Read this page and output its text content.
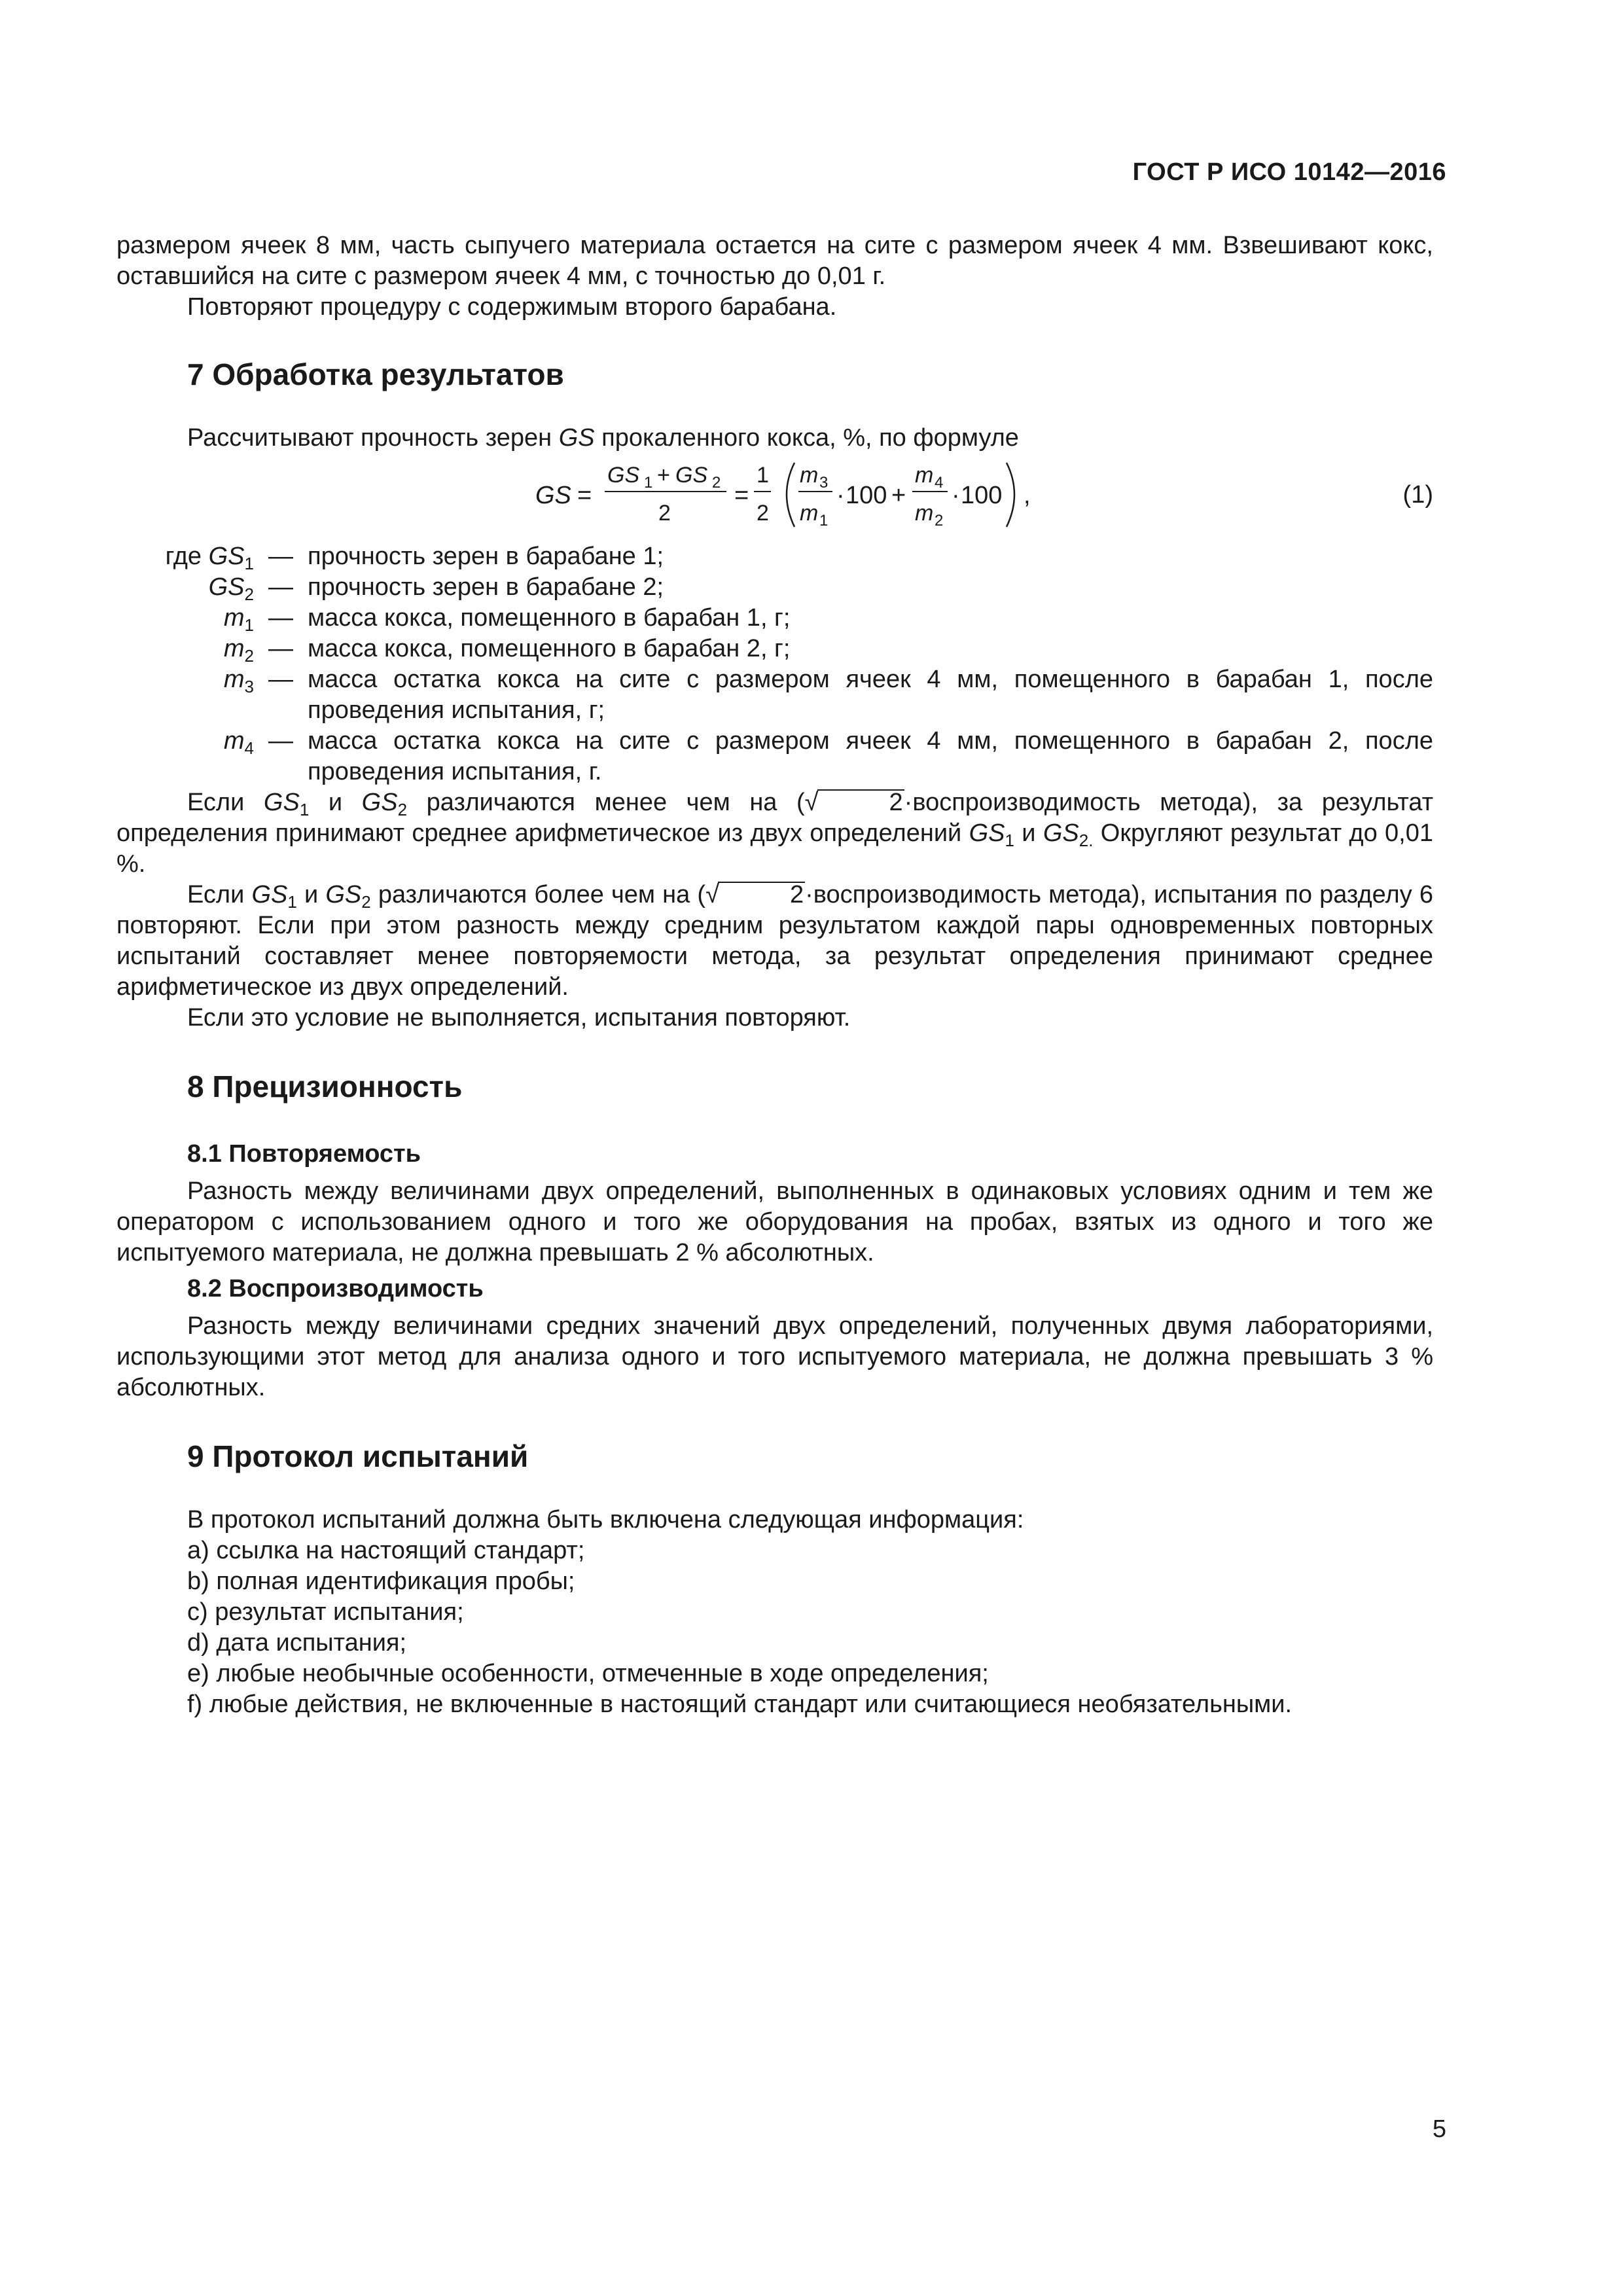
ГОСТ Р ИСО 10142—2016

размером ячеек 8 мм, часть сыпучего материала остается на сите с размером ячеек 4 мм. Взвешивают кокс, оставшийся на сите с размером ячеек 4 мм, с точностью до 0,01 г.

Повторяют процедуру с содержимым второго барабана.

7 Обработка результатов

Рассчитывают прочность зерен GS прокаленного кокса, %, по формуле

GS =
GS 1 + GS 2
2
=
1
2
m 3
m 1
· 100 +
m 4
m 2
· 100 ,	(1)
где $GS_1$ — прочность зерен в барабане 1;
$GS_2$ — прочность зерен в барабане 2;
$m_1$ — масса кокса, помещенного в барабан 1, г;
$m_2$ — масса кокса, помещенного в барабан 2, г;
$m_3$ — масса остатка кокса на сите с размером ячеек 4 мм, помещенного в барабан 1, после проведения испытания, г;
$m_4$ — масса остатка кокса на сите с размером ячеек 4 мм, помещенного в барабан 2, после проведения испытания, г.

Если $GS_1$ и $GS_2$ различаются менее чем на (√	2·воспроизводимость метода), за результат определения принимают среднее арифметическое из двух определений $GS_1$ и $GS_{2.}$ Округляют результат до 0,01 %.

Если $GS_1$ и $GS_2$ различаются более чем на (√	2·воспроизводимость метода), испытания по разделу 6 повторяют. Если при этом разность между средним результатом каждой пары одновременных повторных испытаний составляет менее повторяемости метода, за результат определения принимают среднее арифметическое из двух определений.

Если это условие не выполняется, испытания повторяют.

8 Прецизионность
8.1 Повторяемость

Разность между величинами двух определений, выполненных в одинаковых условиях одним и тем же оператором с использованием одного и того же оборудования на пробах, взятых из одного и того же испытуемого материала, не должна превышать 2 % абсолютных.

8.2 Воспроизводимость

Разность между величинами средних значений двух определений, полученных двумя лабораториями, использующими этот метод для анализа одного и того испытуемого материала, не должна превышать 3 % абсолютных.

9 Протокол испытаний

В протокол испытаний должна быть включена следующая информация:

a) ссылка на настоящий стандарт;

b) полная идентификация пробы;

c) результат испытания;

d) дата испытания;

e) любые необычные особенности, отмеченные в ходе определения;

f) любые действия, не включенные в настоящий стандарт или считающиеся необязательными.

5
